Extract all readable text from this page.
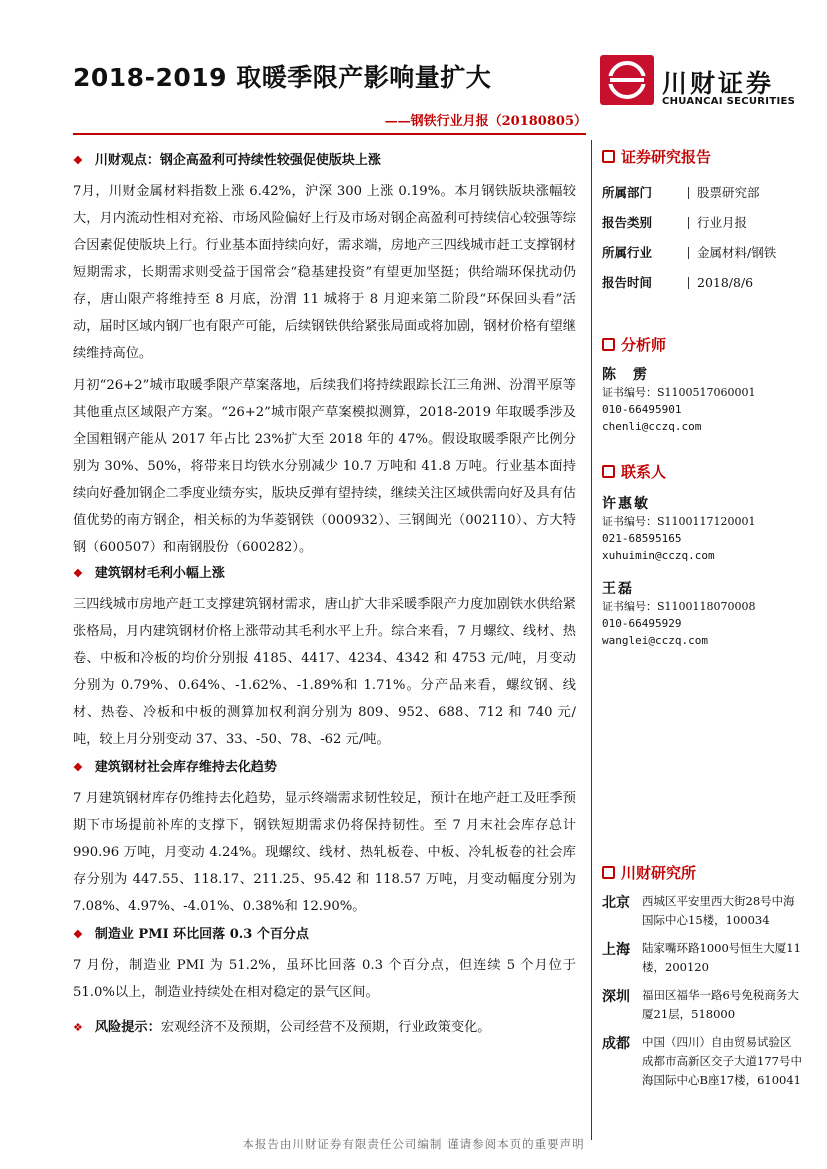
2018-2019 取暖季限产影响量扩大
——钢铁行业月报（20180805）
川财证券
CHUANCAI SECURITIES
❖ 川财观点：钢企高盈利可持续性较强促使版块上涨

7月，川财金属材料指数上涨 6.42%，沪深 300 上涨 0.19%。本月钢铁版块涨幅较大，月内流动性相对充裕、市场风险偏好上行及市场对钢企高盈利可持续信心较强等综合因素促使版块上行。行业基本面持续向好，需求端，房地产三四线城市赶工支撑钢材短期需求，长期需求则受益于国常会“稳基建投资”有望更加坚挺；供给端环保扰动仍存，唐山限产将维持至 8 月底，汾渭 11 城将于 8 月迎来第二阶段“环保回头看”活动，届时区域内钢厂也有限产可能，后续钢铁供给紧张局面或将加剧，钢材价格有望继续维持高位。

月初“26+2”城市取暖季限产草案落地，后续我们将持续跟踪长江三角洲、汾渭平原等其他重点区域限产方案。“26+2”城市限产草案模拟测算，2018-2019 年取暖季涉及全国粗钢产能从 2017 年占比 23%扩大至 2018 年的 47%。假设取暖季限产比例分别为 30%、50%，将带来日均铁水分别减少 10.7 万吨和 41.8 万吨。行业基本面持续向好叠加钢企二季度业绩夯实，版块反弹有望持续，继续关注区域供需向好及具有估值优势的南方钢企，相关标的为华菱钢铁（000932）、三钢闽光（002110）、方大特钢（600507）和南钢股份（600282）。

❖ 建筑钢材毛利小幅上涨

三四线城市房地产赶工支撑建筑钢材需求，唐山扩大非采暖季限产力度加剧铁水供给紧张格局，月内建筑钢材价格上涨带动其毛利水平上升。综合来看，7 月螺纹、线材、热卷、中板和冷板的均价分别报 4185、4417、4234、4342 和 4753 元/吨，月变动分别为 0.79%、0.64%、-1.62%、-1.89%和 1.71%。分产品来看，螺纹钢、线材、热卷、冷板和中板的测算加权利润分别为 809、952、688、712 和 740 元/吨，较上月分别变动 37、33、-50、78、-62 元/吨。

❖ 建筑钢材社会库存维持去化趋势

7 月建筑钢材库存仍维持去化趋势，显示终端需求韧性较足，预计在地产赶工及旺季预期下市场提前补库的支撑下，钢铁短期需求仍将保持韧性。至 7 月末社会库存总计 990.96 万吨，月变动 4.24%。现螺纹、线材、热轧板卷、中板、冷轧板卷的社会库存分别为 447.55、118.17、211.25、95.42 和 118.57 万吨，月变动幅度分别为 7.08%、4.97%、-4.01%、0.38%和 12.90%。

❖ 制造业 PMI 环比回落 0.3 个百分点

7 月份，制造业 PMI 为 51.2%，虽环比回落 0.3 个百分点，但连续 5 个月位于 51.0%以上，制造业持续处在相对稳定的景气区间。

❖ 风险提示：宏观经济不及预期，公司经营不及预期，行业政策变化。
证券研究报告
所属部门	股票研究部
报告类别	行业月报
所属行业	金属材料/钢铁
报告时间	2018/8/6
分析师
陈 雳
证书编号：S1100517060001
010-66495901
chenli@cczq.com
联系人
许惠敏
证书编号：S1100117120001
021-68595165
xuhuimin@cczq.com
王磊
证书编号：S1100118070008
010-66495929
wanglei@cczq.com
川财研究所
北京 西城区平安里西大街28号中海国际中心15楼，100034
上海 陆家嘴环路1000号恒生大厦11楼，200120
深圳 福田区福华一路6号免税商务大厦21层，518000
成都 中国（四川）自由贸易试验区成都市高新区交子大道177号中海国际中心B座17楼，610041
本报告由川财证券有限责任公司编制 谨请参阅本页的重要声明
